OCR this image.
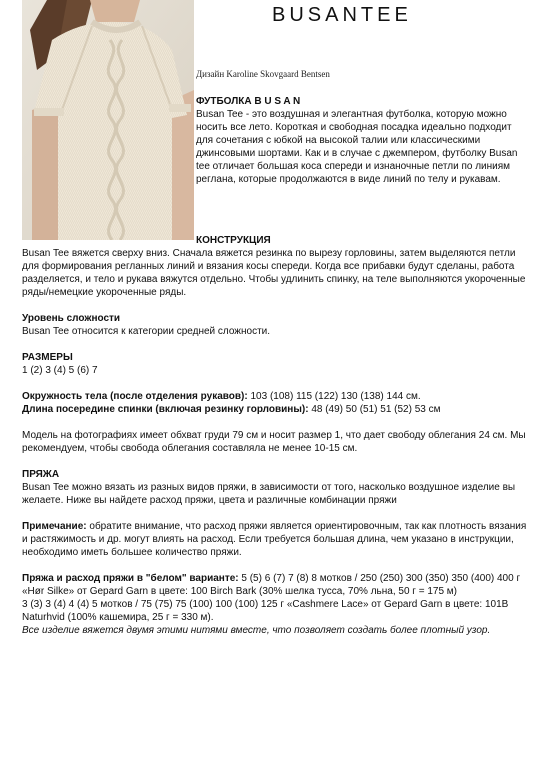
BUSANTEE
Дизайн Karoline Skovgaard Bentsen

ФУТБОЛКА B U S A N

Busan Tee - это воздушная и элегантная футболка, которую можно носить все лето. Короткая и свободная посадка идеально подходит для сочетания с юбкой на высокой талии или классическими джинсовыми шортами. Как и в случае с джемпером, футболку Busan tee отличает большая коса спереди и изнаночные петли по линиям реглана, которые продолжаются в виде линий по телу и рукавам.

КОНСТРУКЦИЯ

Busan Tee вяжется сверху вниз. Сначала вяжется резинка по вырезу горловины, затем выделяются петли для формирования регланных линий и вязания косы спереди. Когда все прибавки будут сделаны, работа разделяется, и тело и рукава вяжутся отдельно. Чтобы удлинить спинку, на теле выполняются укороченные ряды/немецкие укороченные ряды.

Уровень сложности

Busan Tee относится к категории средней сложности.

РАЗМЕРЫ

1 (2) 3 (4) 5 (6) 7

Окружность тела (после отделения рукавов): 103 (108) 115 (122) 130 (138) 144 см.

Длина посередине спинки (включая резинку горловины): 48 (49) 50 (51) 51 (52) 53 см

Модель на фотографиях имеет обхват груди 79 см и носит размер 1, что дает свободу облегания 24 см. Мы рекомендуем, чтобы свобода облегания составляла не менее 10-15 см.

ПРЯЖА

Busan Tee можно вязать из разных видов пряжи, в зависимости от того, насколько воздушное изделие вы желаете. Ниже вы найдете расход пряжи, цвета и различные комбинации пряжи

Примечание: обратите внимание, что расход пряжи является ориентировочным, так как плотность вязания и растяжимость и др. могут влиять на расход. Если требуется большая длина, чем указано в инструкции, необходимо иметь большее количество пряжи.

Пряжа и расход пряжи в "белом" варианте: 5 (5) 6 (7) 7 (8) 8 мотков / 250 (250) 300 (350) 350 (400) 400 г «Hør Silke» от Gepard Garn в цвете: 100 Birch Bark (30% шелка тусса, 70% льна, 50 г = 175 м)

3 (3) 3 (4) 4 (4) 5 мотков / 75 (75) 75 (100) 100 (100) 125 г «Cashmere Lace» от Gepard Garn в цвете: 101B Naturhvid (100% кашемира, 25 г = 330 м).

Все изделие вяжется двумя этими нитями вместе, что позволяет создать более плотный узор.
